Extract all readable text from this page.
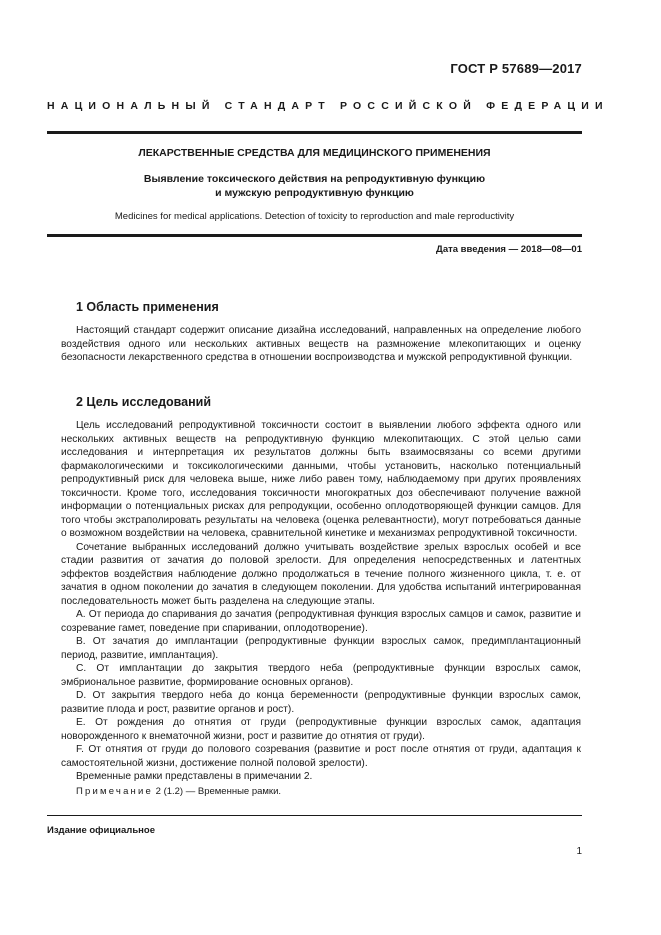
ГОСТ Р 57689—2017
НАЦИОНАЛЬНЫЙ СТАНДАРТ РОССИЙСКОЙ ФЕДЕРАЦИИ
ЛЕКАРСТВЕННЫЕ СРЕДСТВА ДЛЯ МЕДИЦИНСКОГО ПРИМЕНЕНИЯ
Выявление токсического действия на репродуктивную функцию
и мужскую репродуктивную функцию
Medicines for medical applications. Detection of toxicity to reproduction and male reproductivity
Дата введения — 2018—08—01
1 Область применения

Настоящий стандарт содержит описание дизайна исследований, направленных на определение любого воздействия одного или нескольких активных веществ на размножение млекопитающих и оценку безопасности лекарственного средства в отношении воспроизводства и мужской репродуктивной функции.

2 Цель исследований

Цель исследований репродуктивной токсичности состоит в выявлении любого эффекта одного или нескольких активных веществ на репродуктивную функцию млекопитающих. С этой целью сами исследования и интерпретация их результатов должны быть взаимосвязаны со всеми другими фармакологическими и токсикологическими данными, чтобы установить, насколько потенциальный репродуктивный риск для человека выше, ниже либо равен тому, наблюдаемому при других проявлениях токсичности. Кроме того, исследования токсичности многократных доз обеспечивают получение важной информации о потенциальных рисках для репродукции, особенно оплодотворяющей функции самцов. Для того чтобы экстраполировать результаты на человека (оценка релевантности), могут потребоваться данные о возможном воздействии на человека, сравнительной кинетике и механизмах репродуктивной токсичности.

Сочетание выбранных исследований должно учитывать воздействие зрелых взрослых особей и все стадии развития от зачатия до половой зрелости. Для определения непосредственных и латентных эффектов воздействия наблюдение должно продолжаться в течение полного жизненного цикла, т. е. от зачатия в одном поколении до зачатия в следующем поколении. Для удобства испытаний интегрированная последовательность может быть разделена на следующие этапы.

А. От периода до спаривания до зачатия (репродуктивная функция взрослых самцов и самок, развитие и созревание гамет, поведение при спаривании, оплодотворение).

В. От зачатия до имплантации (репродуктивные функции взрослых самок, предимплантационный период, развитие, имплантация).

С. От имплантации до закрытия твердого неба (репродуктивные функции взрослых самок, эмбриональное развитие, формирование основных органов).

D. От закрытия твердого неба до конца беременности (репродуктивные функции взрослых самок, развитие плода и рост, развитие органов и рост).

Е. От рождения до отнятия от груди (репродуктивные функции взрослых самок, адаптация новорожденного к внематочной жизни, рост и развитие до отнятия от груди).

F. От отнятия от груди до полового созревания (развитие и рост после отнятия от груди, адаптация к самостоятельной жизни, достижение полной половой зрелости).

Временные рамки представлены в примечании 2.

Примечание 2 (1.2) — Временные рамки.
Издание официальное
1
